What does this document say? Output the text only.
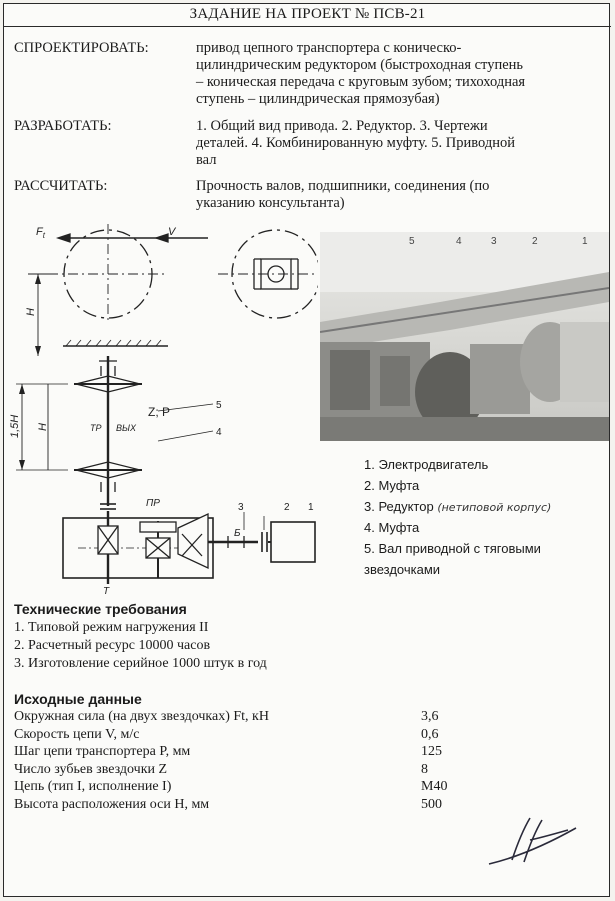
ЗАДАНИЕ НА ПРОЕКТ № ПСВ-21
СПРОЕКТИРОВАТЬ:	привод цепного транспортера с коническо-
цилиндрическим редуктором (быстроходная ступень
– коническая передача с круговым зубом; тихоходная
ступень – цилиндрическая прямозубая)
РАЗРАБОТАТЬ:	1. Общий вид привода. 2. Редуктор. 3. Чертежи
деталей. 4. Комбинированную муфту. 5. Приводной
вал
РАССЧИТАТЬ:	Прочность валов, подшипники, соединения (по
указанию консультанта)
$F_t$	V
H
1,5H H
Z; P
ТР ВЫХ
ПР
Т
Б
5
4
3	2 1
5	4	3	2	1
1. Электродвигатель
2. Муфта
3. Редуктор (нетиповой корпус)
4. Муфта
5. Вал приводной с тяговыми
звездочками
Технические требования
1. Типовой режим нагружения II
2. Расчетный ресурс 10000 часов
3. Изготовление серийное 1000 штук в год
Исходные данные
Окружная сила (на двух звездочках) Ft, кН	3,6
Скорость цепи V, м/с	0,6
Шаг цепи транспортера P, мм	125
Число зубьев звездочки Z	8
Цепь (тип I, исполнение I)	M40
Высота расположения оси H, мм	500
